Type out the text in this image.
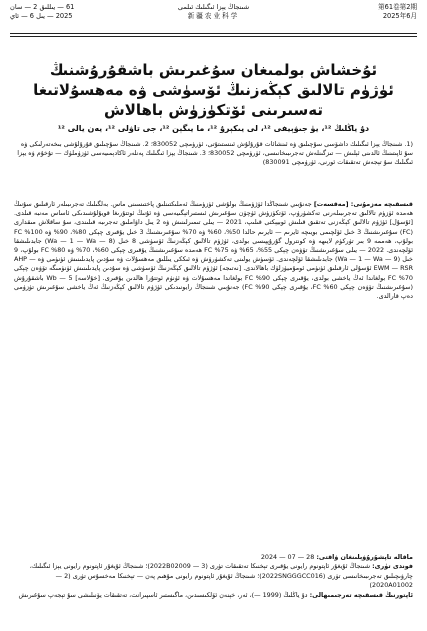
61 — يىللىق 2 — سان
2025 — يىل 6 — ئاي
شىنجاڭ يېزا ئىگىلىك ئىلمى
新疆农业科学
第61卷第2期
2025年6月
ئۇخشاش بولمىغان سۇغىرىش باشقۇرۇشنىڭ ئۈژۈم تالالىق كېڭەزنىڭ ئۆسۈشى ۋە مەھسۇلاتىغا تەسىرىنى ئۆتكۈزۈش باھالاش
دۇ ياڭلىڭ ¹²، يۈ جىۋېيفى ¹²، لى يىكېرۇ ¹²، ما يىگېن ¹²، جى تاۋلى ¹²، يەن يالى ¹²
(1. شىنجاڭ يېزا ئىگىلىك داشۆسى سۇچىلىق ۋە ئىنشائات قۇرۇلۇش ئىنستىتۇتى، ئۈرۈمچى 830052؛ 2. شىنجاڭ سۇچىلىق قۇرۇلۇشى بىخەتەرلىكى ۋە سۇ ئاپىتىنىڭ ئالدىنى ئېلىش — تىزگىنلەش تەجرىبىخانىسى، ئۈرۈمچى 830052؛ 3. شىنجاڭ يېزا ئىگىلىك پەنلەر ئاكادېمىيەسى ئۈزۈملۈك — تۇخۇم ۋە يېزا ئىگىلىك سۇ تېجەش تەتقىقات ئورنى، ئۈرۈمچى 830091)
قىسقىچە مەزمۇنى: [مەقسەت] جەنۇبىي شىنجاڭدا ئۈژۈمنىڭ بولۇشى ئۈزۈمنىڭ ئەملىكتىنلىق پاختىسىنى ماس. بەلگىلىك تەجرىبىلەر ئارقىلىق سۇنىڭ ھەمدە ئۈزۈم تالالىق تەجرىبىلەرنى تەكشۈرۈپ، ئۆتكۈزۈش ئۈچۈن سۇغىرىش ئىستىراتېگىيەسى ۋە ئۇنىڭ ئوتتۇرىغا قويۇلۇشىدىكى ئاساس مەنبە قىلدى. [ئۇسۇل] ئۈژۈم تالالىق كېڭەزنى تەتقىق قىلىش ئوبيېكتى قىلىپ، 2021 — يىلى تىمىرلىنىش ۋە 2 يىل داۋاملىق تەجرىبە قىلىندى، سۇ ساقلاش مىقدارى (FC) سۇغىرىشنىڭ 3 خىل ئۆلچىمى بويىچە ئايرىم — ئايرىم حالدا 50%، 60% ۋە 70% سۇغىرىشنىڭ 3 خىل يۇقىرى چېكى 80%، 90% ۋە 100% FC بولۇپ، ھەممە 9 بىر تۈركۈم لايىھە ۋە كونترول گۇرۇپپىسى بولدى، ئۈژۈم تالالىق كېڭەزنىڭ ئۆسۈشى 8 خىل (Wa — 1 — Wa — 8) جابدىلىشقا ئۆلچەندى. 2022 — يىلى سۇغىرىشنىڭ تۆۋەن چېكى 55%، 65% ۋە 75% FC ھەمدە سۇغىرىشنىڭ يۇقىرى چېكى 60%، 70% ۋە 80% FC بولۇپ، 9 خىل (Wa — 1 — Wa — 9) جابدىلىشقا ئۆلچەندى. ئۆسۈش يولىنى تەكشۈرۈش ۋە ئىككى يىللىق مەھسۇلات ۋە سۇدىن پايدىلىنىش ئۈنۈمى ۋە AHP — EWM — RSR ئۇسۇلى ئارقىلىق ئۈنۈمى ئومۇميۈزلۈك باھالاندى. [نەتىجە] ئۈژۈم تالالىق كېڭەزنىڭ ئۆسۈشى ۋە سۇدىن پايدىلىنىش ئۈنۈمىگە تۆۋەن چېكى 70% FC بولغاندا ئەڭ ياخشى بولدى، يۇقىرى چېكى 90% FC بولغاندا مەھسۇلات ۋە ئۈنۈم ئوتتۇرا ھالدىن يۇقىرى. [خۇلاسە] Wb — 5 باشقۇرۇش (سۇغىرىشنىڭ تۆۋەن چېكى 60% FC، يۇقىرى چېكى 90% FC) جەنۇبىي شىنجاڭ رايونىدىكى ئۈژۈم تالالىق كېڭەزنىڭ ئەڭ ياخشى سۇغىرىش تۈزۈمى دەپ قارالدى.
ماقالە تاپشۇرۇۋېلىنغان ۋاقتى: 2024 — 07 — 28
فوندى تۈرى: شىنجاڭ ئۇيغۇر ئاپتونوم رايونى يۇقىرى تېخنىكا تەتقىقات تۈرى (2022B02009 — 3)؛ شىنجاڭ ئۇيغۇر ئاپتونوم رايونى يېزا ئىگىلىك، چارۋىچىلىق تەجرىبىخانىسى تۈرى (2022SNGGGCC016)؛ شىنجاڭ ئۇيغۇر ئاپتونوم رايونى مۇھىم پەن — تېخنىكا مەخسۇس تۈرى (2 — 2020A01002)
ئاپتورنىڭ قىسقىچە تەرجىمىھالى: دۇ ياڭلىڭ (1999 —)، ئەر، خېنەن ئۆلكىسىدىن، ماگىستىر ئاسپىرانت، تەتقىقات يۆنىلىشى سۇ تېجەپ سۇغىرىش
